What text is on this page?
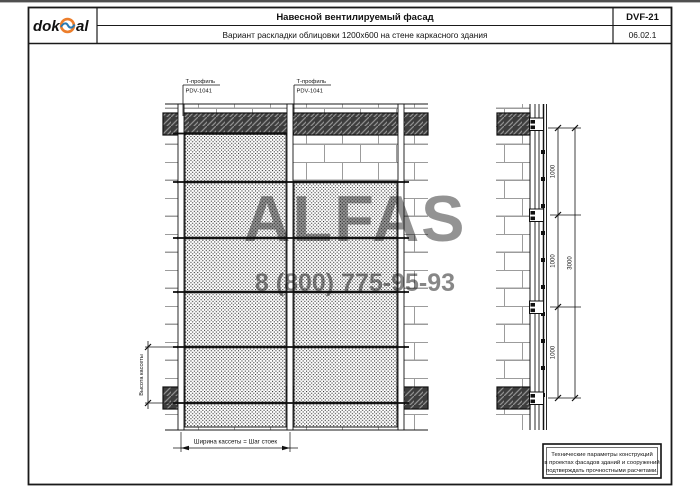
dok al
Навесной вентилируемый фасад
Вариант раскладки облицовки 1200x600 на стене каркасного здания
DVF-21
06.02.1
Т-профиль
PDV-1041
Т-профиль
PDV-1041
Высота кассеты
Ширина кассеты = Шаг стоек
1000
1000
1000
3000
ALFAS
8 (800) 775-95-93
Технические параметры конструкций
в проектах фасадов зданий и сооружений
подтверждать прочностными расчетами.
